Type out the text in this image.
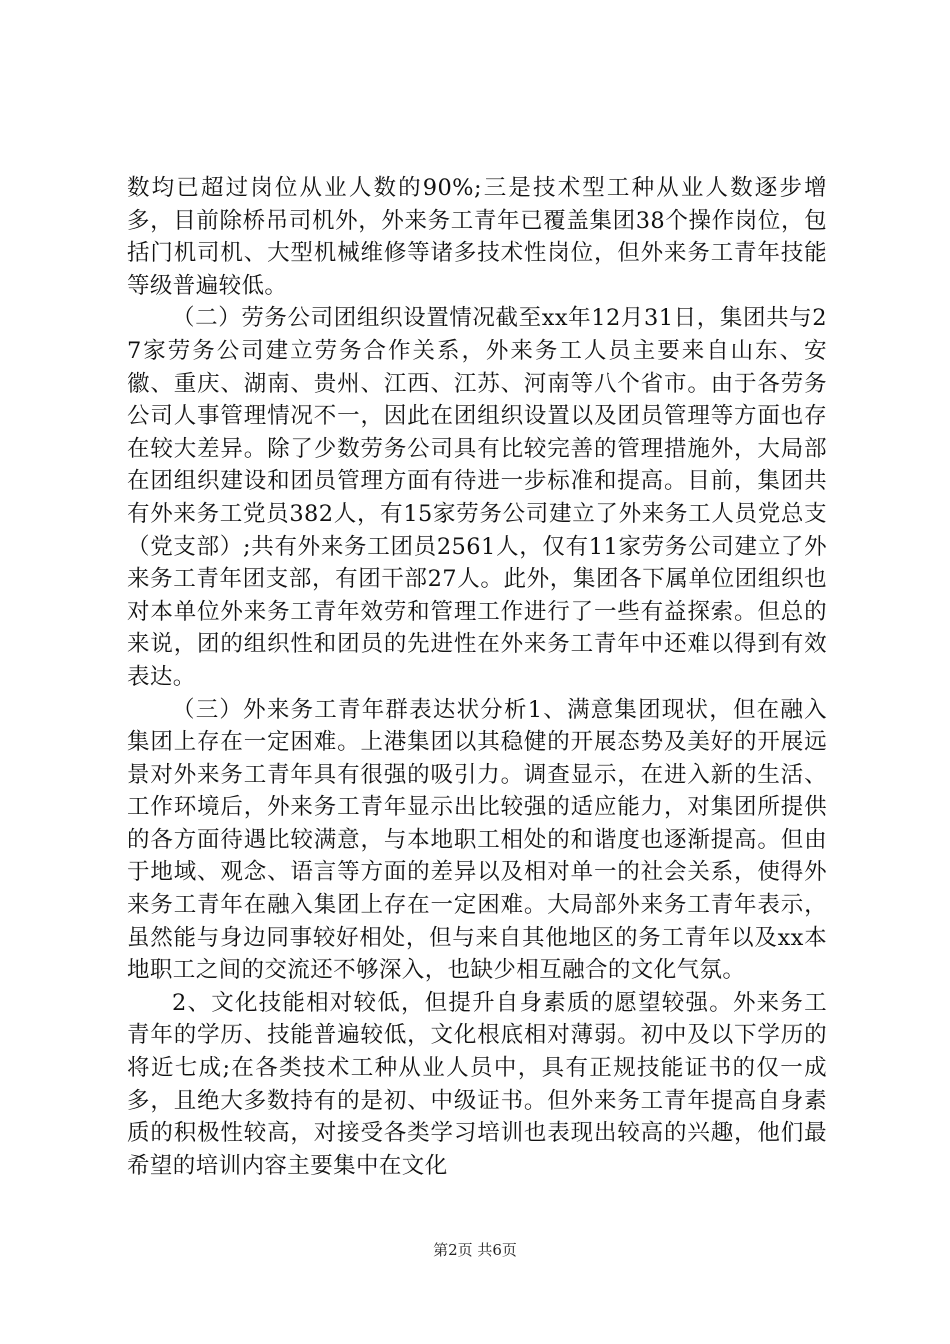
数均已超过岗位从业人数的90%;三是技术型工种从业人数逐步增多，目前除桥吊司机外，外来务工青年已覆盖集团38个操作岗位，包括门机司机、大型机械维修等诸多技术性岗位，但外来务工青年技能等级普遍较低。

（二）劳务公司团组织设置情况截至xx年12月31日，集团共与27家劳务公司建立劳务合作关系，外来务工人员主要来自山东、安徽、重庆、湖南、贵州、江西、江苏、河南等八个省市。由于各劳务公司人事管理情况不一，因此在团组织设置以及团员管理等方面也存在较大差异。除了少数劳务公司具有比较完善的管理措施外，大局部在团组织建设和团员管理方面有待进一步标准和提高。目前，集团共有外来务工党员382人，有15家劳务公司建立了外来务工人员党总支（党支部）;共有外来务工团员2561人，仅有11家劳务公司建立了外来务工青年团支部，有团干部27人。此外，集团各下属单位团组织也对本单位外来务工青年效劳和管理工作进行了一些有益探索。但总的来说，团的组织性和团员的先进性在外来务工青年中还难以得到有效表达。

（三）外来务工青年群表达状分析1、满意集团现状，但在融入集团上存在一定困难。上港集团以其稳健的开展态势及美好的开展远景对外来务工青年具有很强的吸引力。调查显示，在进入新的生活、工作环境后，外来务工青年显示出比较强的适应能力，对集团所提供的各方面待遇比较满意，与本地职工相处的和谐度也逐渐提高。但由于地域、观念、语言等方面的差异以及相对单一的社会关系，使得外来务工青年在融入集团上存在一定困难。大局部外来务工青年表示，虽然能与身边同事较好相处，但与来自其他地区的务工青年以及xx本地职工之间的交流还不够深入，也缺少相互融合的文化气氛。

2、文化技能相对较低，但提升自身素质的愿望较强。外来务工青年的学历、技能普遍较低，文化根底相对薄弱。初中及以下学历的将近七成;在各类技术工种从业人员中，具有正规技能证书的仅一成多，且绝大多数持有的是初、中级证书。但外来务工青年提高自身素质的积极性较高，对接受各类学习培训也表现出较高的兴趣，他们最希望的培训内容主要集中在文化

第2页 共6页
